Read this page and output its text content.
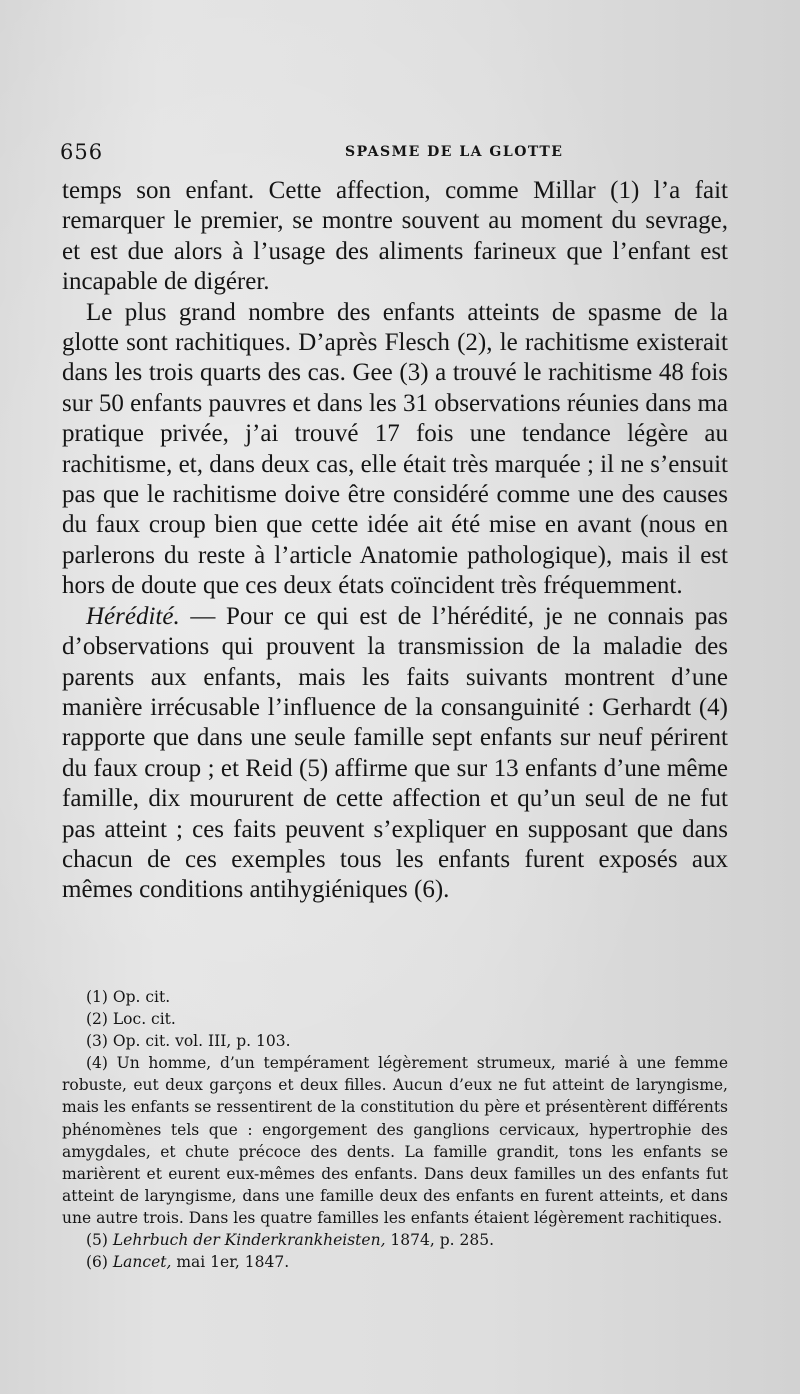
656	SPASME DE LA GLOTTE

temps son enfant. Cette affection, comme Millar (1) l’a fait remarquer le premier, se montre souvent au moment du sevrage, et est due alors à l’usage des aliments farineux que l’enfant est incapable de digérer.

Le plus grand nombre des enfants atteints de spasme de la glotte sont rachitiques. D’après Flesch (2), le rachitisme existerait dans les trois quarts des cas. Gee (3) a trouvé le rachitisme 48 fois sur 50 enfants pauvres et dans les 31 observations réunies dans ma pratique privée, j’ai trouvé 17 fois une tendance légère au rachitisme, et, dans deux cas, elle était très marquée ; il ne s’ensuit pas que le rachitisme doive être considéré comme une des causes du faux croup bien que cette idée ait été mise en avant (nous en parlerons du reste à l’article Anatomie pathologique), mais il est hors de doute que ces deux états coïncident très fréquemment.

Hérédité. — Pour ce qui est de l’hérédité, je ne connais pas d’observations qui prouvent la transmission de la maladie des parents aux enfants, mais les faits suivants montrent d’une manière irrécusable l’influence de la consanguinité : Gerhardt (4) rapporte que dans une seule famille sept enfants sur neuf périrent du faux croup ; et Reid (5) affirme que sur 13 enfants d’une même famille, dix moururent de cette affection et qu’un seul de ne fut pas atteint ; ces faits peuvent s’expliquer en supposant que dans chacun de ces exemples tous les enfants furent exposés aux mêmes conditions antihygiéniques (6).

(1) Op. cit.

(2) Loc. cit.

(3) Op. cit. vol. III, p. 103.

(4) Un homme, d’un tempérament légèrement strumeux, marié à une femme robuste, eut deux garçons et deux filles. Aucun d’eux ne fut atteint de laryngisme, mais les enfants se ressentirent de la constitution du père et présentèrent différents phénomènes tels que : engorgement des ganglions cervicaux, hypertrophie des amygdales, et chute précoce des dents. La famille grandit, tons les enfants se marièrent et eurent eux-mêmes des enfants. Dans deux familles un des enfants fut atteint de laryngisme, dans une famille deux des enfants en furent atteints, et dans une autre trois. Dans les quatre familles les enfants étaient légèrement rachitiques.

(5) Lehrbuch der Kinderkrankheisten, 1874, p. 285.

(6) Lancet, mai 1er, 1847.
